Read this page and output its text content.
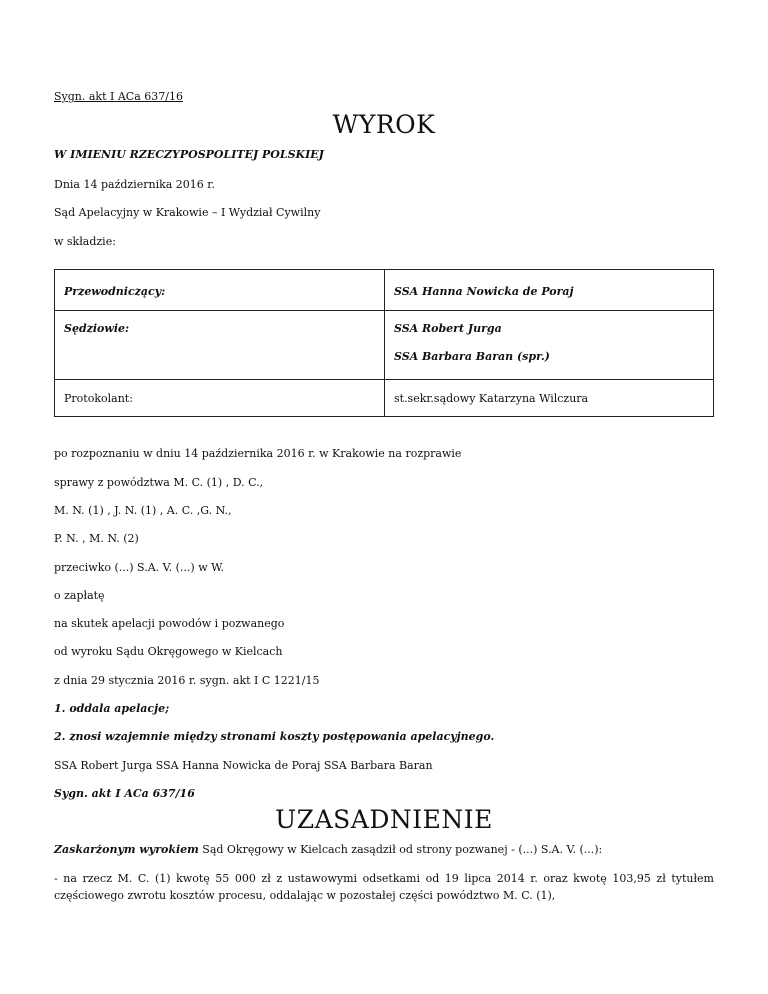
Sygn. akt I ACa 637/16
WYROK
W IMIENIU RZECZYPOSPOLITEJ POLSKIEJ
Dnia 14 października 2016 r.
Sąd Apelacyjny w Krakowie – I Wydział Cywilny
w składzie:
Przewodniczący:	SSA Hanna Nowicka de Poraj

Sędziowie:	SSA Robert Jurga
SSA Barbara Baran (spr.)

Protokolant:	st.sekr.sądowy Katarzyna Wilczura
po rozpoznaniu w dniu 14 października 2016 r. w Krakowie na rozprawie
sprawy z powództwa M. C. (1) , D. C.,
M. N. (1) , J. N. (1) , A. C. ,G. N.,
P. N. , M. N. (2)
przeciwko (...) S.A. V. (...) w W.
o zapłatę
na skutek apelacji powodów i pozwanego
od wyroku Sądu Okręgowego w Kielcach
z dnia 29 stycznia 2016 r. sygn. akt I C 1221/15
1. oddala apelacje;
2. znosi wzajemnie między stronami koszty postępowania apelacyjnego.
SSA Robert Jurga SSA Hanna Nowicka de Poraj SSA Barbara Baran
Sygn. akt I ACa 637/16
UZASADNIENIE
Zaskarżonym wyrokiem Sąd Okręgowy w Kielcach zasądził od strony pozwanej - (...) S.A. V. (...):
- na rzecz M. C. (1) kwotę 55 000 zł z ustawowymi odsetkami od 19 lipca 2014 r. oraz kwotę 103,95 zł tytułem częściowego zwrotu kosztów procesu, oddalając w pozostałej części powództwo M. C. (1),
